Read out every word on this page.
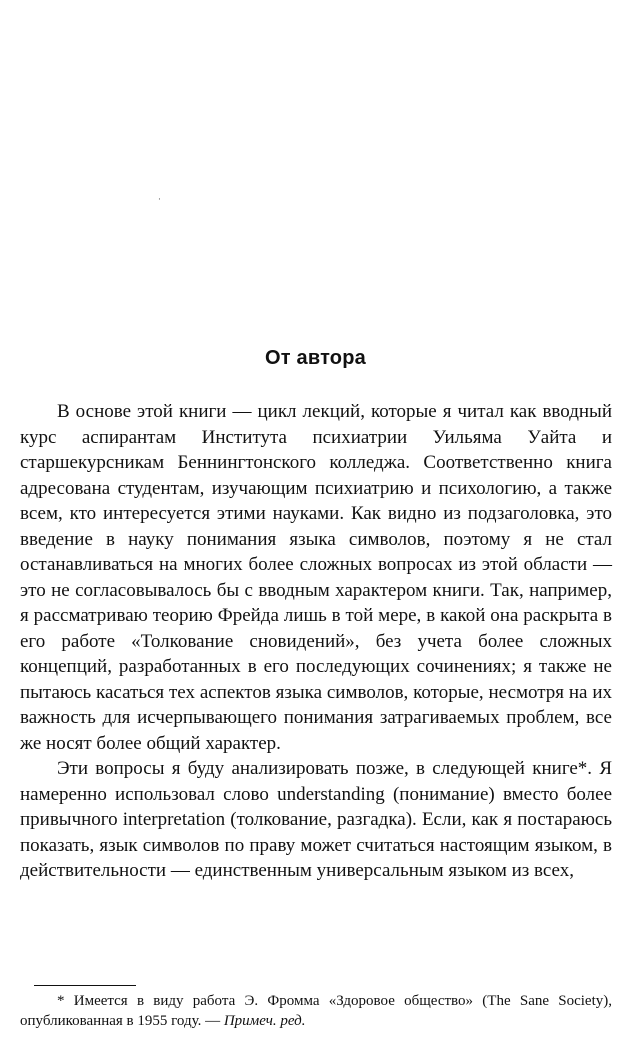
·
От автора

В основе этой книги — цикл лекций, которые я читал как вводный курс аспирантам Института психиатрии Уильяма Уайта и старшекурсникам Беннингтонского колледжа. Соответственно книга адресована студентам, изучающим психиатрию и психологию, а также всем, кто интересуется этими науками. Как видно из подзаголовка, это введение в науку понимания языка символов, поэтому я не стал останавливаться на многих более сложных вопросах из этой области — это не согласовывалось бы с вводным характером книги. Так, например, я рассматриваю теорию Фрейда лишь в той мере, в какой она раскрыта в его работе «Толкование сновидений», без учета более сложных концепций, разработанных в его последующих сочинениях; я также не пытаюсь касаться тех аспектов языка символов, которые, несмотря на их важность для исчерпывающего понимания затрагиваемых проблем, все же носят более общий характер.

Эти вопросы я буду анализировать позже, в следующей книге*. Я намеренно использовал слово understanding (понимание) вместо более привычного interpretation (толкование, разгадка). Если, как я постараюсь показать, язык символов по праву может считаться настоящим языком, в действительности — единственным универсальным языком из всех,

* Имеется в виду работа Э. Фромма «Здоровое общество» (The Sane Society), опубликованная в 1955 году. — Примеч. ред.
